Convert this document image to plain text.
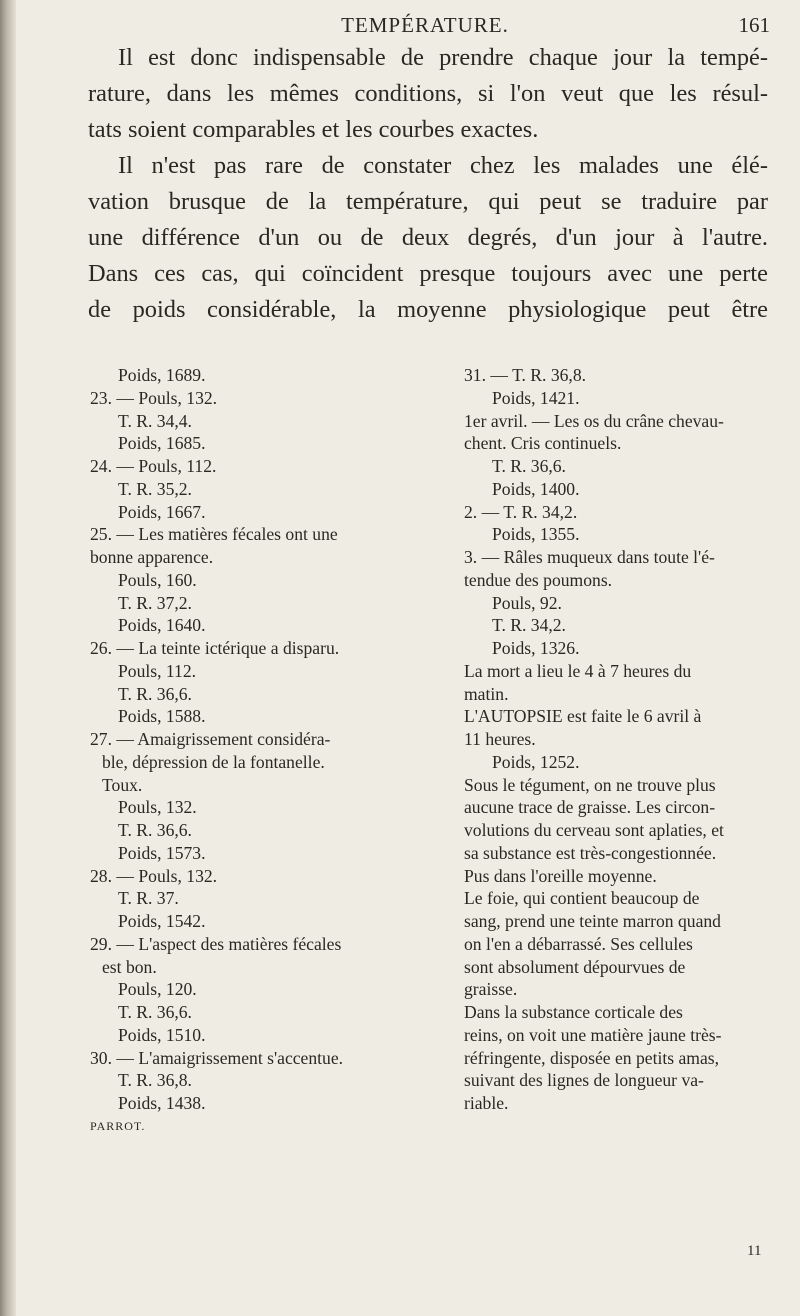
TEMPÉRATURE.	161

Il est donc indispensable de prendre chaque jour la tempé-

rature, dans les mêmes conditions, si l'on veut que les résul-

tats soient comparables et les courbes exactes.

Il n'est pas rare de constater chez les malades une élé-

vation brusque de la température, qui peut se traduire par

une différence d'un ou de deux degrés, d'un jour à l'autre.

Dans ces cas, qui coïncident presque toujours avec une perte

de poids considérable, la moyenne physiologique peut être

Poids, 1689.

23. — Pouls, 132.

T. R. 34,4.

Poids, 1685.

24. — Pouls, 112.

T. R. 35,2.

Poids, 1667.

25. — Les matières fécales ont une

bonne apparence.

Pouls, 160.

T. R. 37,2.

Poids, 1640.

26. — La teinte ictérique a disparu.

Pouls, 112.

T. R. 36,6.

Poids, 1588.

27. — Amaigrissement considéra-

ble, dépression de la fontanelle.

Toux.

Pouls, 132.

T. R. 36,6.

Poids, 1573.

28. — Pouls, 132.

T. R. 37.

Poids, 1542.

29. — L'aspect des matières fécales

est bon.

Pouls, 120.

T. R. 36,6.

Poids, 1510.

30. — L'amaigrissement s'accentue.

T. R. 36,8.

Poids, 1438.

PARROT.

31. — T. R. 36,8.

Poids, 1421.

1er avril. — Les os du crâne chevau-

chent. Cris continuels.

T. R. 36,6.

Poids, 1400.

2. — T. R. 34,2.

Poids, 1355.

3. — Râles muqueux dans toute l'é-

tendue des poumons.

Pouls, 92.

T. R. 34,2.

Poids, 1326.

La mort a lieu le 4 à 7 heures du

matin.

L'AUTOPSIE est faite le 6 avril à

11 heures.

Poids, 1252.

Sous le tégument, on ne trouve plus

aucune trace de graisse. Les circon-

volutions du cerveau sont aplaties, et

sa substance est très-congestionnée.

Pus dans l'oreille moyenne.

Le foie, qui contient beaucoup de

sang, prend une teinte marron quand

on l'en a débarrassé. Ses cellules

sont absolument dépourvues de

graisse.

Dans la substance corticale des

reins, on voit une matière jaune très-

réfringente, disposée en petits amas,

suivant des lignes de longueur va-

riable.

11
